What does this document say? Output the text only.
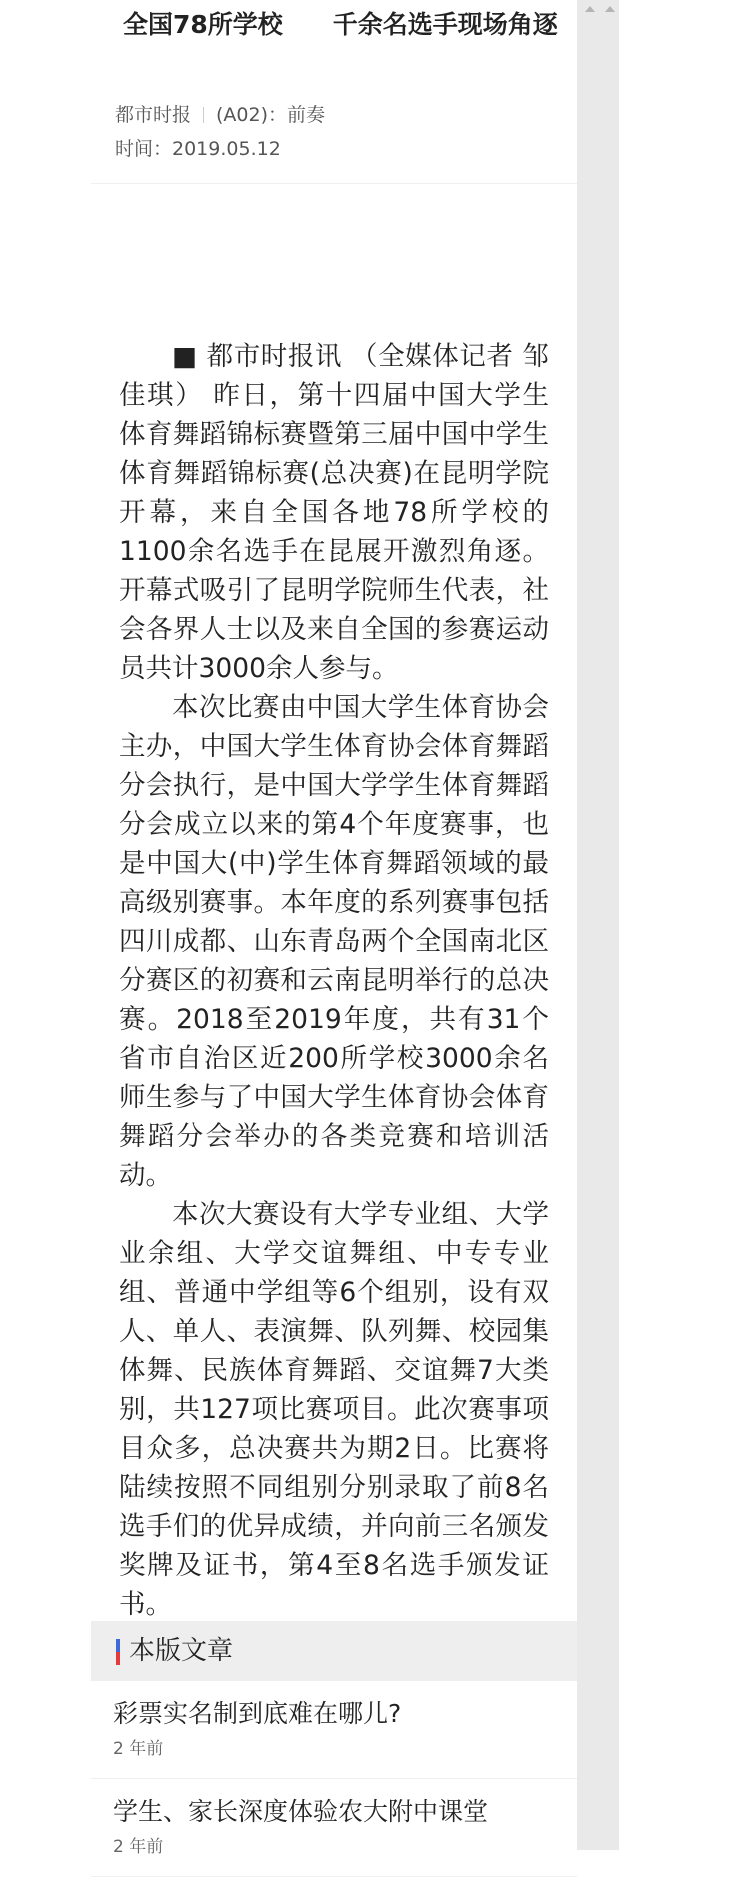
全国78所学校　　千余名选手现场角逐
都市时报 (A02)：前奏
时间：2019.05.12

■ 都市时报讯 （全媒体记者 邹佳琪） 昨日，第十四届中国大学生体育舞蹈锦标赛暨第三届中国中学生体育舞蹈锦标赛(总决赛)在昆明学院开幕，来自全国各地78所学校的1100余名选手在昆展开激烈角逐。开幕式吸引了昆明学院师生代表，社会各界人士以及来自全国的参赛运动员共计3000余人参与。

本次比赛由中国大学生体育协会主办，中国大学生体育协会体育舞蹈分会执行，是中国大学学生体育舞蹈分会成立以来的第4个年度赛事，也是中国大(中)学生体育舞蹈领域的最高级别赛事。本年度的系列赛事包括四川成都、山东青岛两个全国南北区分赛区的初赛和云南昆明举行的总决赛。2018至2019年度，共有31个省市自治区近200所学校3000余名师生参与了中国大学生体育协会体育舞蹈分会举办的各类竞赛和培训活动。

本次大赛设有大学专业组、大学业余组、大学交谊舞组、中专专业组、普通中学组等6个组别，设有双人、单人、表演舞、队列舞、校园集体舞、民族体育舞蹈、交谊舞7大类别，共127项比赛项目。此次赛事项目众多，总决赛共为期2日。比赛将陆续按照不同组别分别录取了前8名选手们的优异成绩，并向前三名颁发奖牌及证书，第4至8名选手颁发证书。

本版文章
彩票实名制到底难在哪儿?
2 年前
学生、家长深度体验农大附中课堂
2 年前
